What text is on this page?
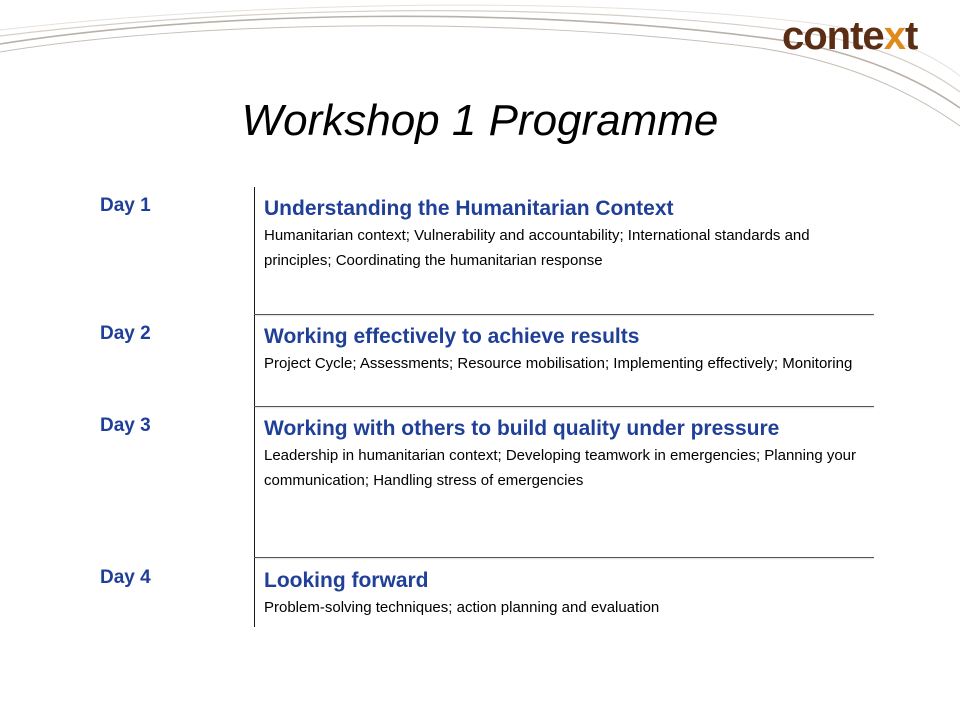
context
Workshop 1 Programme
Day 1	Understanding the Humanitarian Context
Humanitarian context; Vulnerability and accountability; International standards and principles; Coordinating the humanitarian response
Day 2	Working effectively to achieve results
Project Cycle; Assessments; Resource mobilisation; Implementing effectively; Monitoring
Day 3	Working with others to build quality under pressure
Leadership in humanitarian context; Developing teamwork in emergencies; Planning your communication; Handling stress of emergencies
Day 4	Looking forward
Problem-solving techniques; action planning and evaluation
